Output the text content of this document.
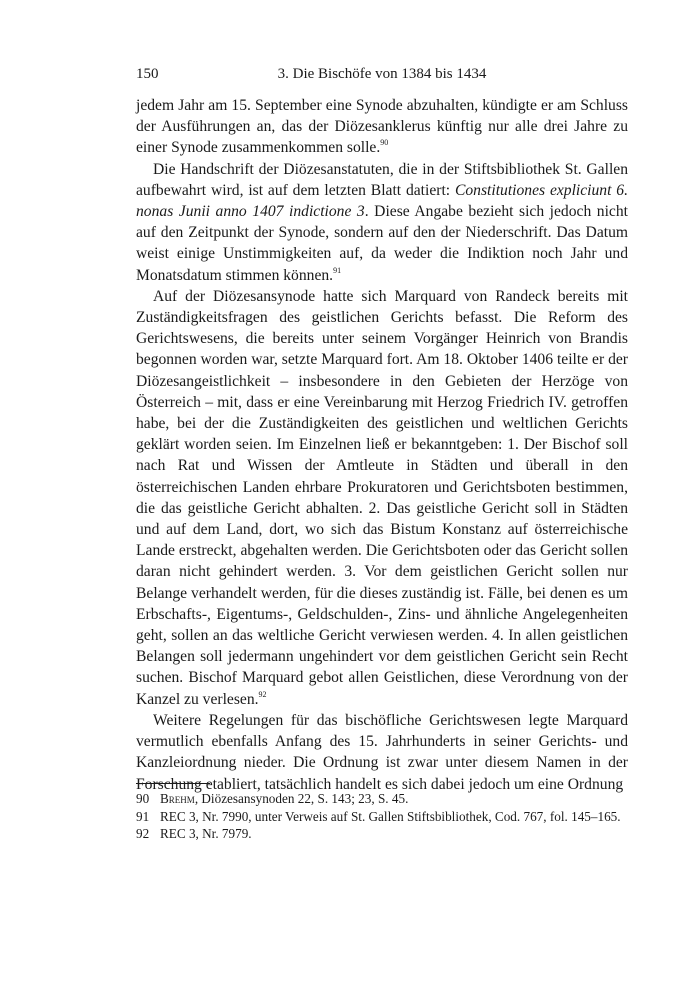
150	3. Die Bischöfe von 1384 bis 1434

jedem Jahr am 15. September eine Synode abzuhalten, kündigte er am Schluss der Ausführungen an, das der Diözesanklerus künftig nur alle drei Jahre zu einer Synode zusammenkommen solle.$^{90}$

Die Handschrift der Diözesanstatuten, die in der Stiftsbibliothek St. Gallen aufbewahrt wird, ist auf dem letzten Blatt datiert: Constitutiones expliciunt 6. nonas Junii anno 1407 indictione 3. Diese Angabe bezieht sich jedoch nicht auf den Zeitpunkt der Synode, sondern auf den der Niederschrift. Das Datum weist einige Unstimmigkeiten auf, da weder die Indiktion noch Jahr und Monatsdatum stimmen können.$^{91}$

Auf der Diözesansynode hatte sich Marquard von Randeck bereits mit Zuständigkeitsfragen des geistlichen Gerichts befasst. Die Reform des Gerichtswesens, die bereits unter seinem Vorgänger Heinrich von Brandis begonnen worden war, setzte Marquard fort. Am 18. Oktober 1406 teilte er der Diözesangeistlichkeit – insbesondere in den Gebieten der Herzöge von Österreich – mit, dass er eine Vereinbarung mit Herzog Friedrich IV. getroffen habe, bei der die Zuständigkeiten des geistlichen und weltlichen Gerichts geklärt worden seien. Im Einzelnen ließ er bekanntgeben: 1. Der Bischof soll nach Rat und Wissen der Amtleute in Städten und überall in den österreichischen Landen ehrbare Prokuratoren und Gerichtsboten bestimmen, die das geistliche Gericht abhalten. 2. Das geistliche Gericht soll in Städten und auf dem Land, dort, wo sich das Bistum Konstanz auf österreichische Lande erstreckt, abgehalten werden. Die Gerichtsboten oder das Gericht sollen daran nicht gehindert werden. 3. Vor dem geistlichen Gericht sollen nur Belange verhandelt werden, für die dieses zuständig ist. Fälle, bei denen es um Erbschafts-, Eigentums-, Geldschulden-, Zins- und ähnliche Angelegenheiten geht, sollen an das weltliche Gericht verwiesen werden. 4. In allen geistlichen Belangen soll jedermann ungehindert vor dem geistlichen Gericht sein Recht suchen. Bischof Marquard gebot allen Geistlichen, diese Verordnung von der Kanzel zu verlesen.$^{92}$

Weitere Regelungen für das bischöfliche Gerichtswesen legte Marquard vermutlich ebenfalls Anfang des 15. Jahrhunderts in seiner Gerichts- und Kanzleiordnung nieder. Die Ordnung ist zwar unter diesem Namen in der Forschung etabliert, tatsächlich handelt es sich dabei jedoch um eine Ordnung

90 Brehm, Diözesansynoden 22, S. 143; 23, S. 45.
91 REC 3, Nr. 7990, unter Verweis auf St. Gallen Stiftsbibliothek, Cod. 767, fol. 145–165.
92 REC 3, Nr. 7979.
